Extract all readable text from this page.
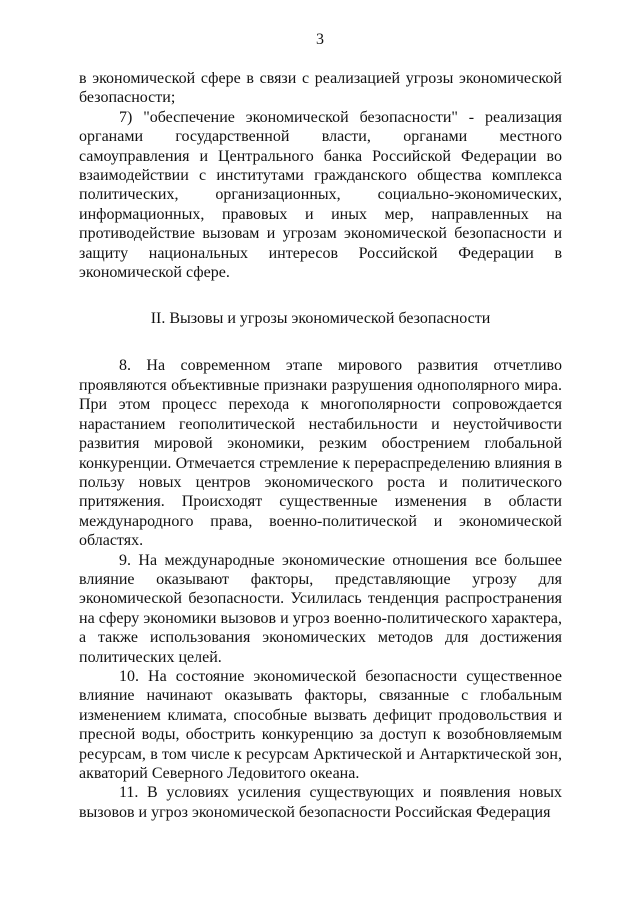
3

в экономической сфере в связи с реализацией угрозы экономической безопасности;

7) "обеспечение экономической безопасности" - реализация органами государственной власти, органами местного самоуправления и Центрального банка Российской Федерации во взаимодействии с институтами гражданского общества комплекса политических, организационных, социально-экономических, информационных, правовых и иных мер, направленных на противодействие вызовам и угрозам экономической безопасности и защиту национальных интересов Российской Федерации в экономической сфере.

II. Вызовы и угрозы экономической безопасности

8. На современном этапе мирового развития отчетливо проявляются объективные признаки разрушения однополярного мира. При этом процесс перехода к многополярности сопровождается нарастанием геополитической нестабильности и неустойчивости развития мировой экономики, резким обострением глобальной конкуренции. Отмечается стремление к перераспределению влияния в пользу новых центров экономического роста и политического притяжения. Происходят существенные изменения в области международного права, военно-политической и экономической областях.

9. На международные экономические отношения все большее влияние оказывают факторы, представляющие угрозу для экономической безопасности. Усилилась тенденция распространения на сферу экономики вызовов и угроз военно-политического характера, а также использования экономических методов для достижения политических целей.

10. На состояние экономической безопасности существенное влияние начинают оказывать факторы, связанные с глобальным изменением климата, способные вызвать дефицит продовольствия и пресной воды, обострить конкуренцию за доступ к возобновляемым ресурсам, в том числе к ресурсам Арктической и Антарктической зон, акваторий Северного Ледовитого океана.

11. В условиях усиления существующих и появления новых вызовов и угроз экономической безопасности Российская Федерация
